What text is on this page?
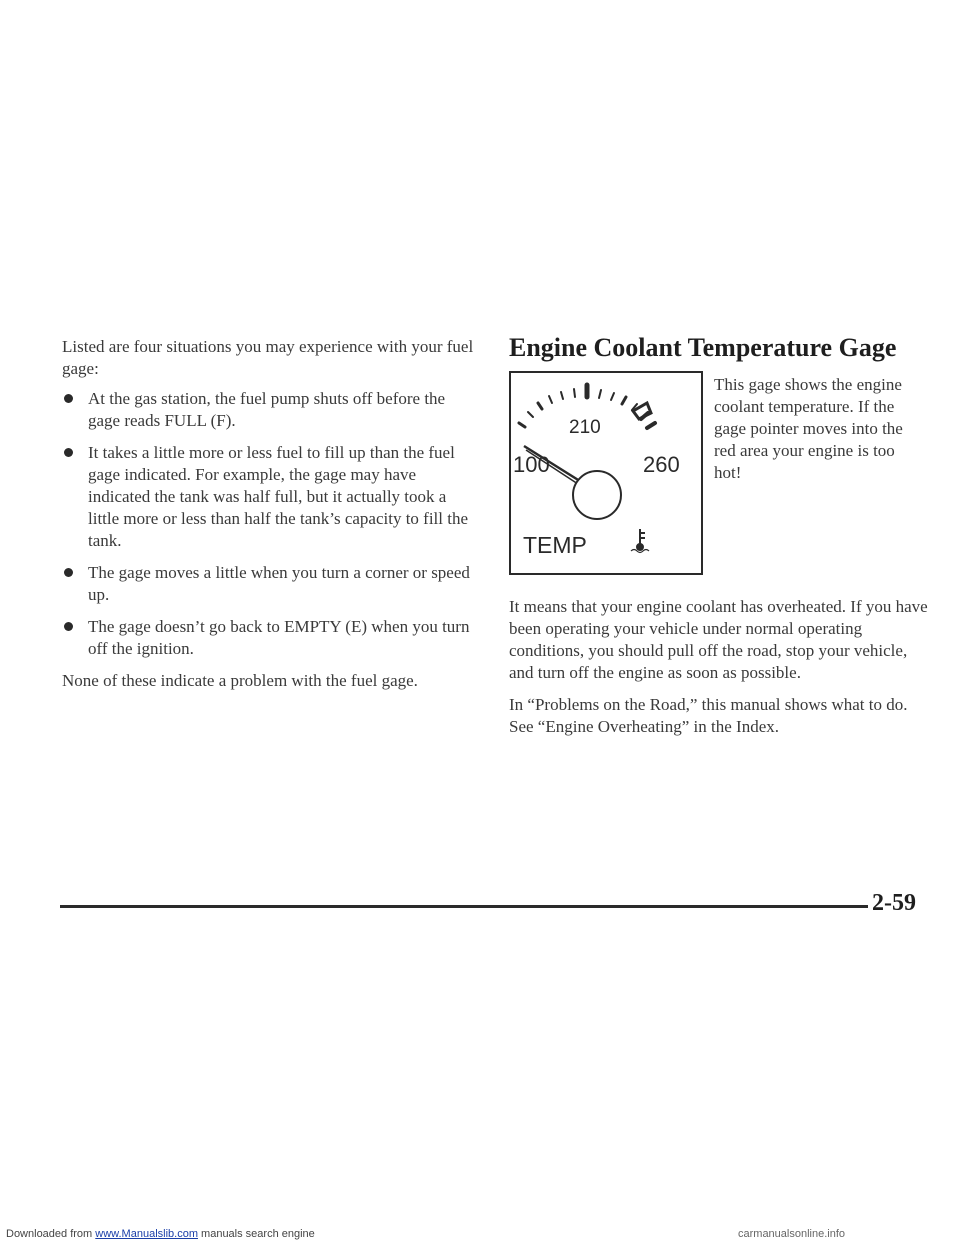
Listed are four situations you may experience with your fuel gage:

At the gas station, the fuel pump shuts off before the gage reads FULL (F).
It takes a little more or less fuel to fill up than the fuel gage indicated. For example, the gage may have indicated the tank was half full, but it actually took a little more or less than half the tank’s capacity to fill the tank.
The gage moves a little when you turn a corner or speed up.
The gage doesn’t go back to EMPTY (E) when you turn off the ignition.

None of these indicate a problem with the fuel gage.

Engine Coolant Temperature Gage
210
100	260
TEMP

This gage shows the engine coolant temperature. If the gage pointer moves into the red area your engine is too hot!

It means that your engine coolant has overheated. If you have been operating your vehicle under normal operating conditions, you should pull off the road, stop your vehicle, and turn off the engine as soon as possible.

In “Problems on the Road,” this manual shows what to do. See “Engine Overheating” in the Index.

2-59
Downloaded from www.Manualslib.com manuals search engine	carmanualsonline.info
